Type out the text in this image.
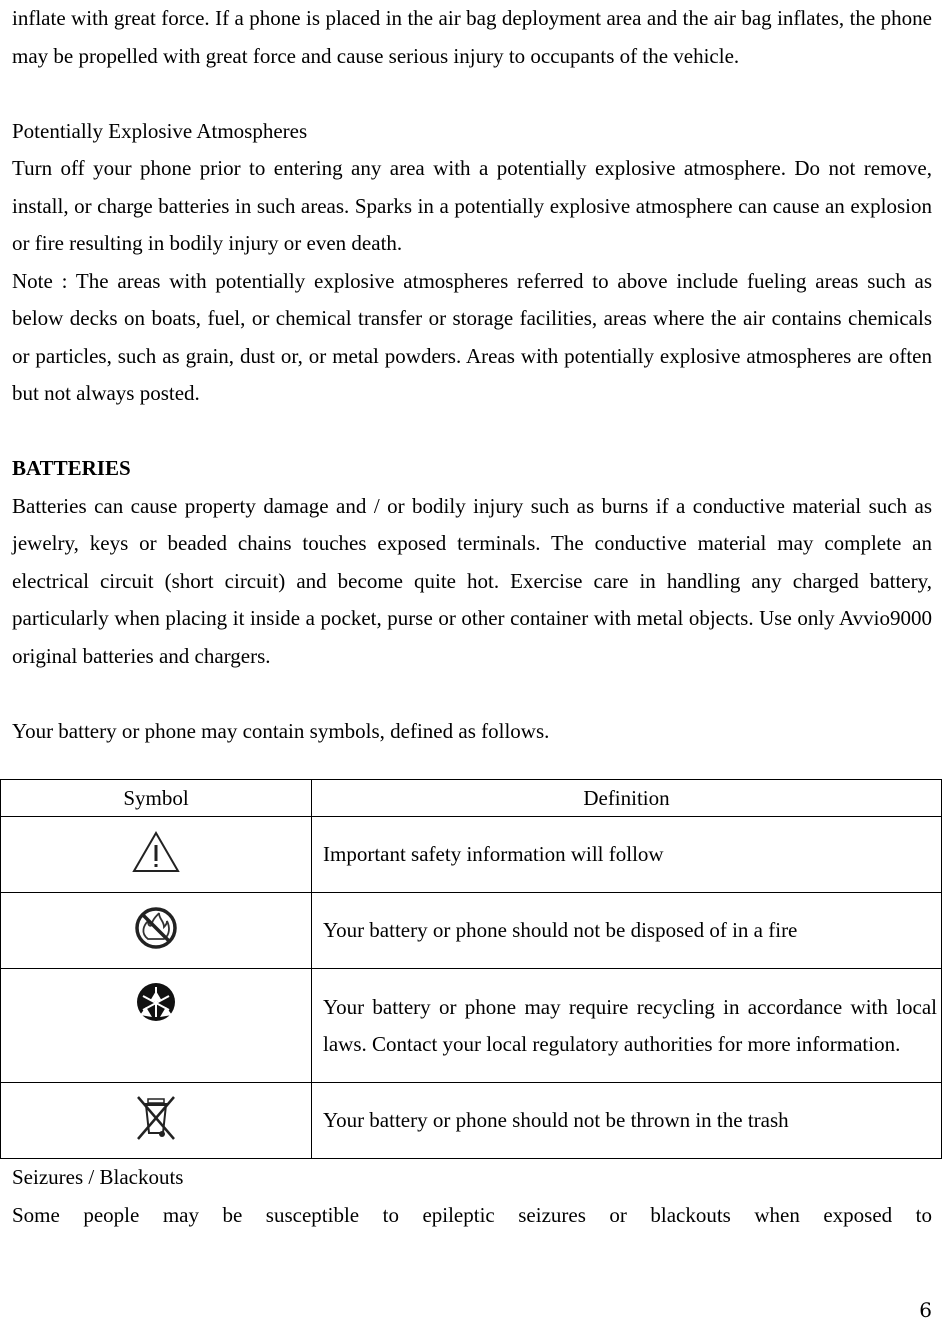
inflate with great force. If a phone is placed in the air bag deployment area and the air bag inflates, the phone may be propelled with great force and cause serious injury to occupants of the vehicle.

Potentially Explosive Atmospheres

Turn off your phone prior to entering any area with a potentially explosive atmosphere. Do not remove, install, or charge batteries in such areas. Sparks in a potentially explosive atmosphere can cause an explosion or fire resulting in bodily injury or even death.

Note : The areas with potentially explosive atmospheres referred to above include fueling areas such as below decks on boats, fuel, or chemical transfer or storage facilities, areas where the air contains chemicals or particles, such as grain, dust or, or metal powders. Areas with potentially explosive atmospheres are often but not always posted.

BATTERIES

Batteries can cause property damage and / or bodily injury such as burns if a conductive material such as jewelry, keys or beaded chains touches exposed terminals. The conductive material may complete an electrical circuit (short circuit) and become quite hot. Exercise care in handling any charged battery, particularly when placing it inside a pocket, purse or other container with metal objects. Use only Avvio9000 original batteries and chargers.

Your battery or phone may contain symbols, defined as follows.

Symbol	Definition
	Important safety information will follow
	Your battery or phone should not be disposed of in a fire
	Your battery or phone may require recycling in accordance with local laws. Contact your local regulatory authorities for more information.
	Your battery or phone should not be thrown in the trash

Seizures / Blackouts

Some people may be susceptible to epileptic seizures or blackouts when exposed to

6
